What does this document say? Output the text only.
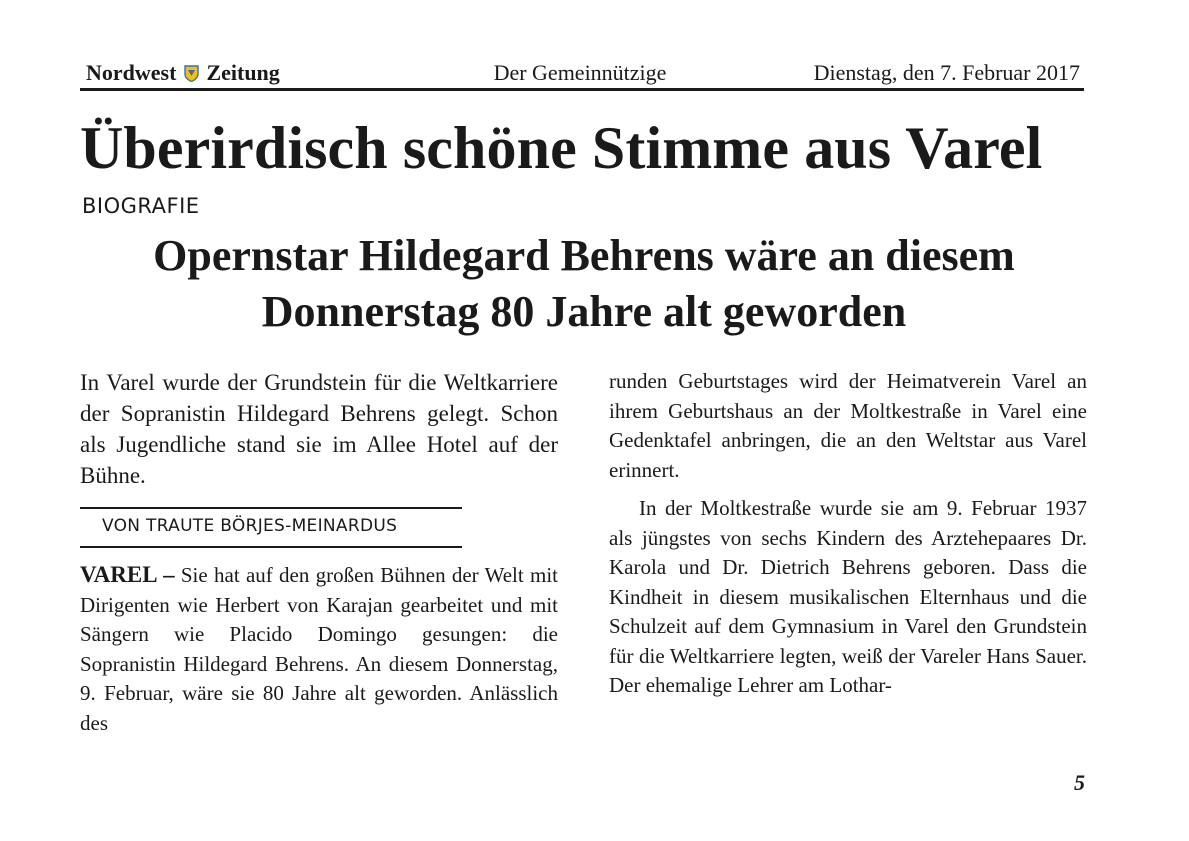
Nordwest Zeitung	Der Gemeinnützige	Dienstag, den 7. Februar 2017
Überirdisch schöne Stimme aus Varel
BIOGRAFIE
Opernstar Hildegard Behrens wäre an diesem
Donnerstag 80 Jahre alt geworden

In Varel wurde der Grundstein für die Weltkarriere der Sopranistin Hildegard Behrens gelegt. Schon als Jugendliche stand sie im Allee Hotel auf der Bühne.

VON TRAUTE BÖRJES-MEINARDUS

VAREL – Sie hat auf den großen Bühnen der Welt mit Dirigenten wie Herbert von Karajan gearbeitet und mit Sängern wie Placido Domingo gesungen: die Sopranistin Hildegard Behrens. An diesem Donnerstag, 9. Februar, wäre sie 80 Jahre alt geworden. Anlässlich des

runden Geburtstages wird der Heimatverein Varel an ihrem Geburtshaus an der Moltkestraße in Varel eine Gedenktafel anbringen, die an den Weltstar aus Varel erinnert.

In der Moltkestraße wurde sie am 9. Februar 1937 als jüngstes von sechs Kindern des Arztehepaares Dr. Karola und Dr. Dietrich Behrens geboren. Dass die Kindheit in diesem musikalischen Elternhaus und die Schulzeit auf dem Gymnasium in Varel den Grundstein für die Weltkarriere legten, weiß der Vareler Hans Sauer. Der ehemalige Lehrer am Lothar-

5
